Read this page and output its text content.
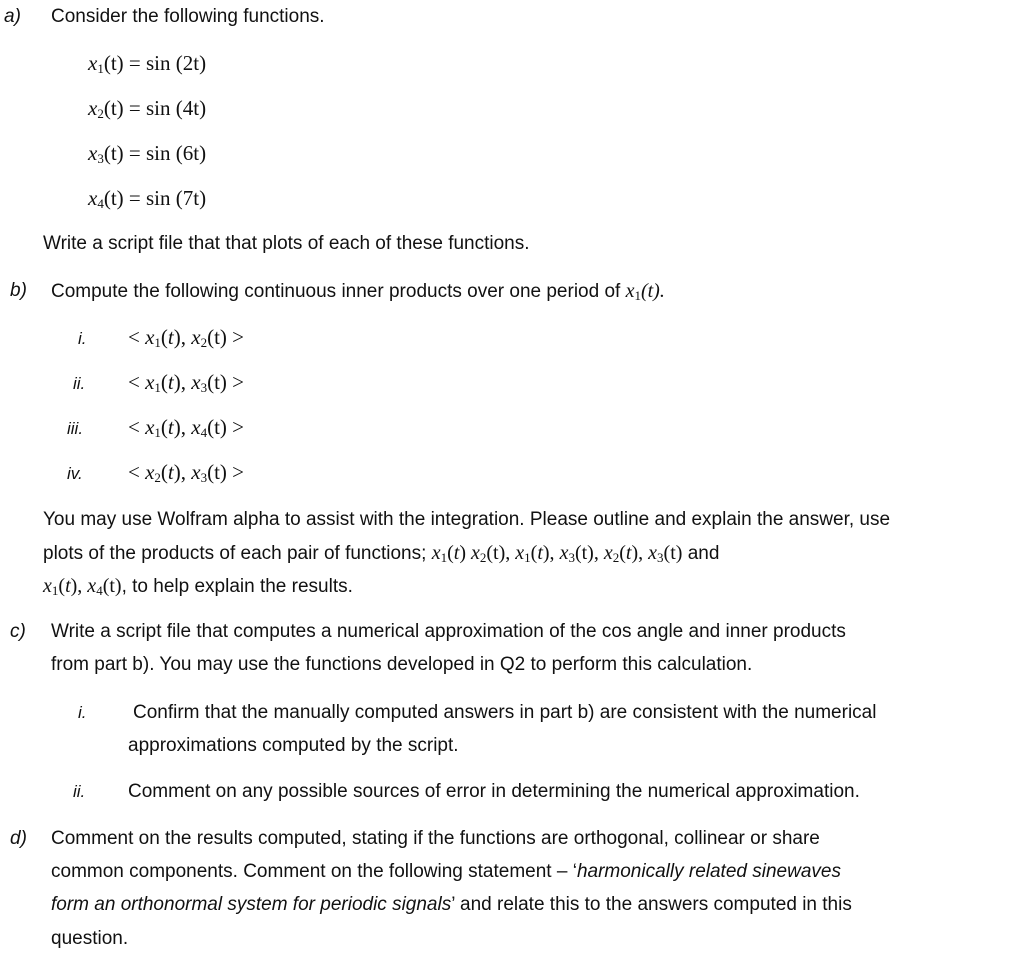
a) Consider the following functions.
$x_1(t) = \sin (2t)$
$x_2(t) = \sin (4t)$
$x_3(t) = \sin (6t)$
$x_4(t) = \sin (7t)$
Write a script file that that plots of each of these functions.
b) Compute the following continuous inner products over one period of $x_1(t)$.
i. < $x_1(t)$, $x_2(t)$ >
ii. < $x_1(t)$, $x_3(t)$ >
iii. < $x_1(t)$, $x_4(t)$ >
iv. < $x_2(t)$, $x_3(t)$ >
You may use Wolfram alpha to assist with the integration. Please outline and explain the answer, use
plots of the products of each pair of functions; $x_1(t)$ $x_2(t)$, $x_1(t)$, $x_3(t)$, $x_2(t)$, $x_3(t)$ and
$x_1(t)$, $x_4(t)$, to help explain the results.
c) Write a script file that computes a numerical approximation of the cos angle and inner products
from part b). You may use the functions developed in Q2 to perform this calculation.
i. Confirm that the manually computed answers in part b) are consistent with the numerical
approximations computed by the script.
ii. Comment on any possible sources of error in determining the numerical approximation.
d) Comment on the results computed, stating if the functions are orthogonal, collinear or share
common components. Comment on the following statement – ‘harmonically related sinewaves
form an orthonormal system for periodic signals’ and relate this to the answers computed in this
question.
